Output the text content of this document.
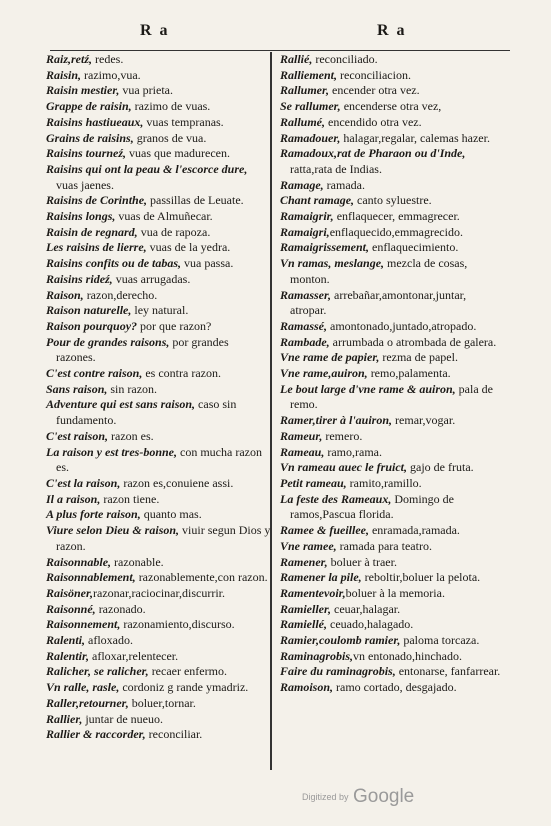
R a	R a
Raiz,retź, redes.
Raisin, razimo,vua.
Raisin mestier, vua prieta.
Grappe de raisin, razimo de vuas.
Raisins hastiueaux, vuas tempranas.
Grains de raisins, granos de vua.
Raisins tourneź, vuas que madurecen.
Raisins qui ont la peau & l'escorce dure, vuas jaenes.
Raisins de Corinthe, passillas de Leuate.
Raisins longs, vuas de Almuñecar.
Raisin de regnard, vua de rapoza.
Les raisins de lierre, vuas de la yedra.
Raisins confits ou de tabas, vua passa.
Raisins rideź, vuas arrugadas.
Raison, razon,derecho.
Raison naturelle, ley natural.
Raison pourquoy? por que razon?
Pour de grandes raisons, por grandes razones.
C'est contre raison, es contra razon.
Sans raison, sin razon.
Adventure qui est sans raison, caso sin fundamento.
C'est raison, razon es.
La raison y est tres-bonne, con mucha razon es.
C'est la raison, razon es,conuiene assi.
Il a raison, razon tiene.
A plus forte raison, quanto mas.
Viure selon Dieu & raison, viuir segun Dios y razon.
Raisonnable, razonable.
Raisonnablement, razonablemente,con razon.
Raisöner,razonar,raciocinar,discurrir.
Raisonné, razonado.
Raisonnement, razonamiento,discurso.
Ralenti, afloxado.
Ralentir, afloxar,relentecer.
Ralicher, se ralicher, recaer enfermo.
Vn ralle, rasle, cordoniz g rande ymadriz.
Raller,retourner, boluer,tornar.
Rallier, juntar de nueuo.
Rallier & raccorder, reconciliar.
Rallié, reconciliado.
Ralliement, reconciliacion.
Rallumer, encender otra vez.
Se rallumer, encenderse otra vez,
Rallumé, encendido otra vez.
Ramadouer, halagar,regalar, calemas hazer.
Ramadoux,rat de Pharaon ou d'Inde, ratta,rata de Indias.
Ramage, ramada.
Chant ramage, canto syluestre.
Ramaigrir, enflaquecer, emmagrecer.
Ramaigri,enflaquecido,emmagrecido.
Ramaigrissement, enflaquecimiento.
Vn ramas, meslange, mezcla de cosas, monton.
Ramasser, arrebañar,amontonar,juntar, atropar.
Ramassé, amontonado,juntado,atropado.
Rambade, arrumbada o atrombada de galera.
Vne rame de papier, rezma de papel.
Vne rame,auiron, remo,palamenta.
Le bout large d'vne rame & auiron, pala de remo.
Ramer,tirer à l'auiron, remar,vogar.
Rameur, remero.
Rameau, ramo,rama.
Vn rameau auec le fruict, gajo de fruta.
Petit rameau, ramito,ramillo.
La feste des Rameaux, Domingo de ramos,Pascua florida.
Ramee & fueillee, enramada,ramada.
Vne ramee, ramada para teatro.
Ramener, boluer à traer.
Ramener la pile, reboltir,boluer la pelota.
Ramentevoir,boluer à la memoria.
Ramieller, ceuar,halagar.
Ramiellé, ceuado,halagado.
Ramier,coulomb ramier, paloma torcaza.
Raminagrobis,vn entonado,hinchado.
Faire du raminagrobis, entonarse, fanfarrear.
Ramoison, ramo cortado, desgajado.
Digitized by Google
